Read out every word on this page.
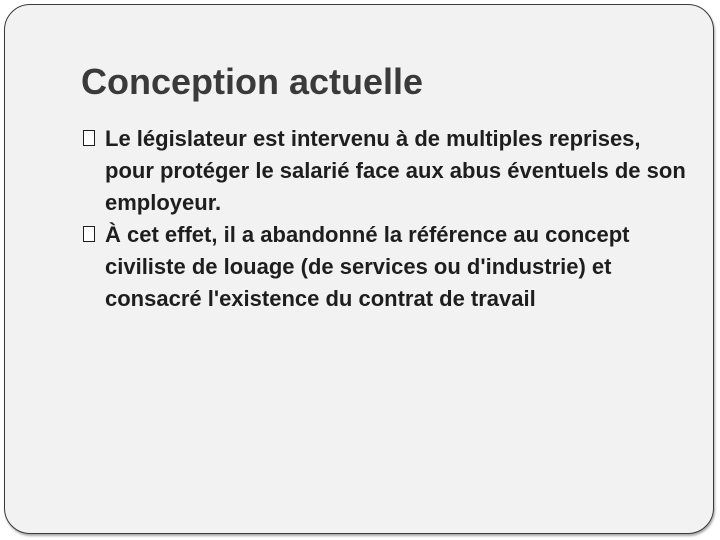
Conception actuelle
Le législateur est intervenu à de multiples reprises, pour protéger le salarié face aux abus éventuels de son employeur.
À cet effet, il a abandonné la référence au concept civiliste de louage (de services ou d'industrie) et consacré l'existence du contrat de travail
